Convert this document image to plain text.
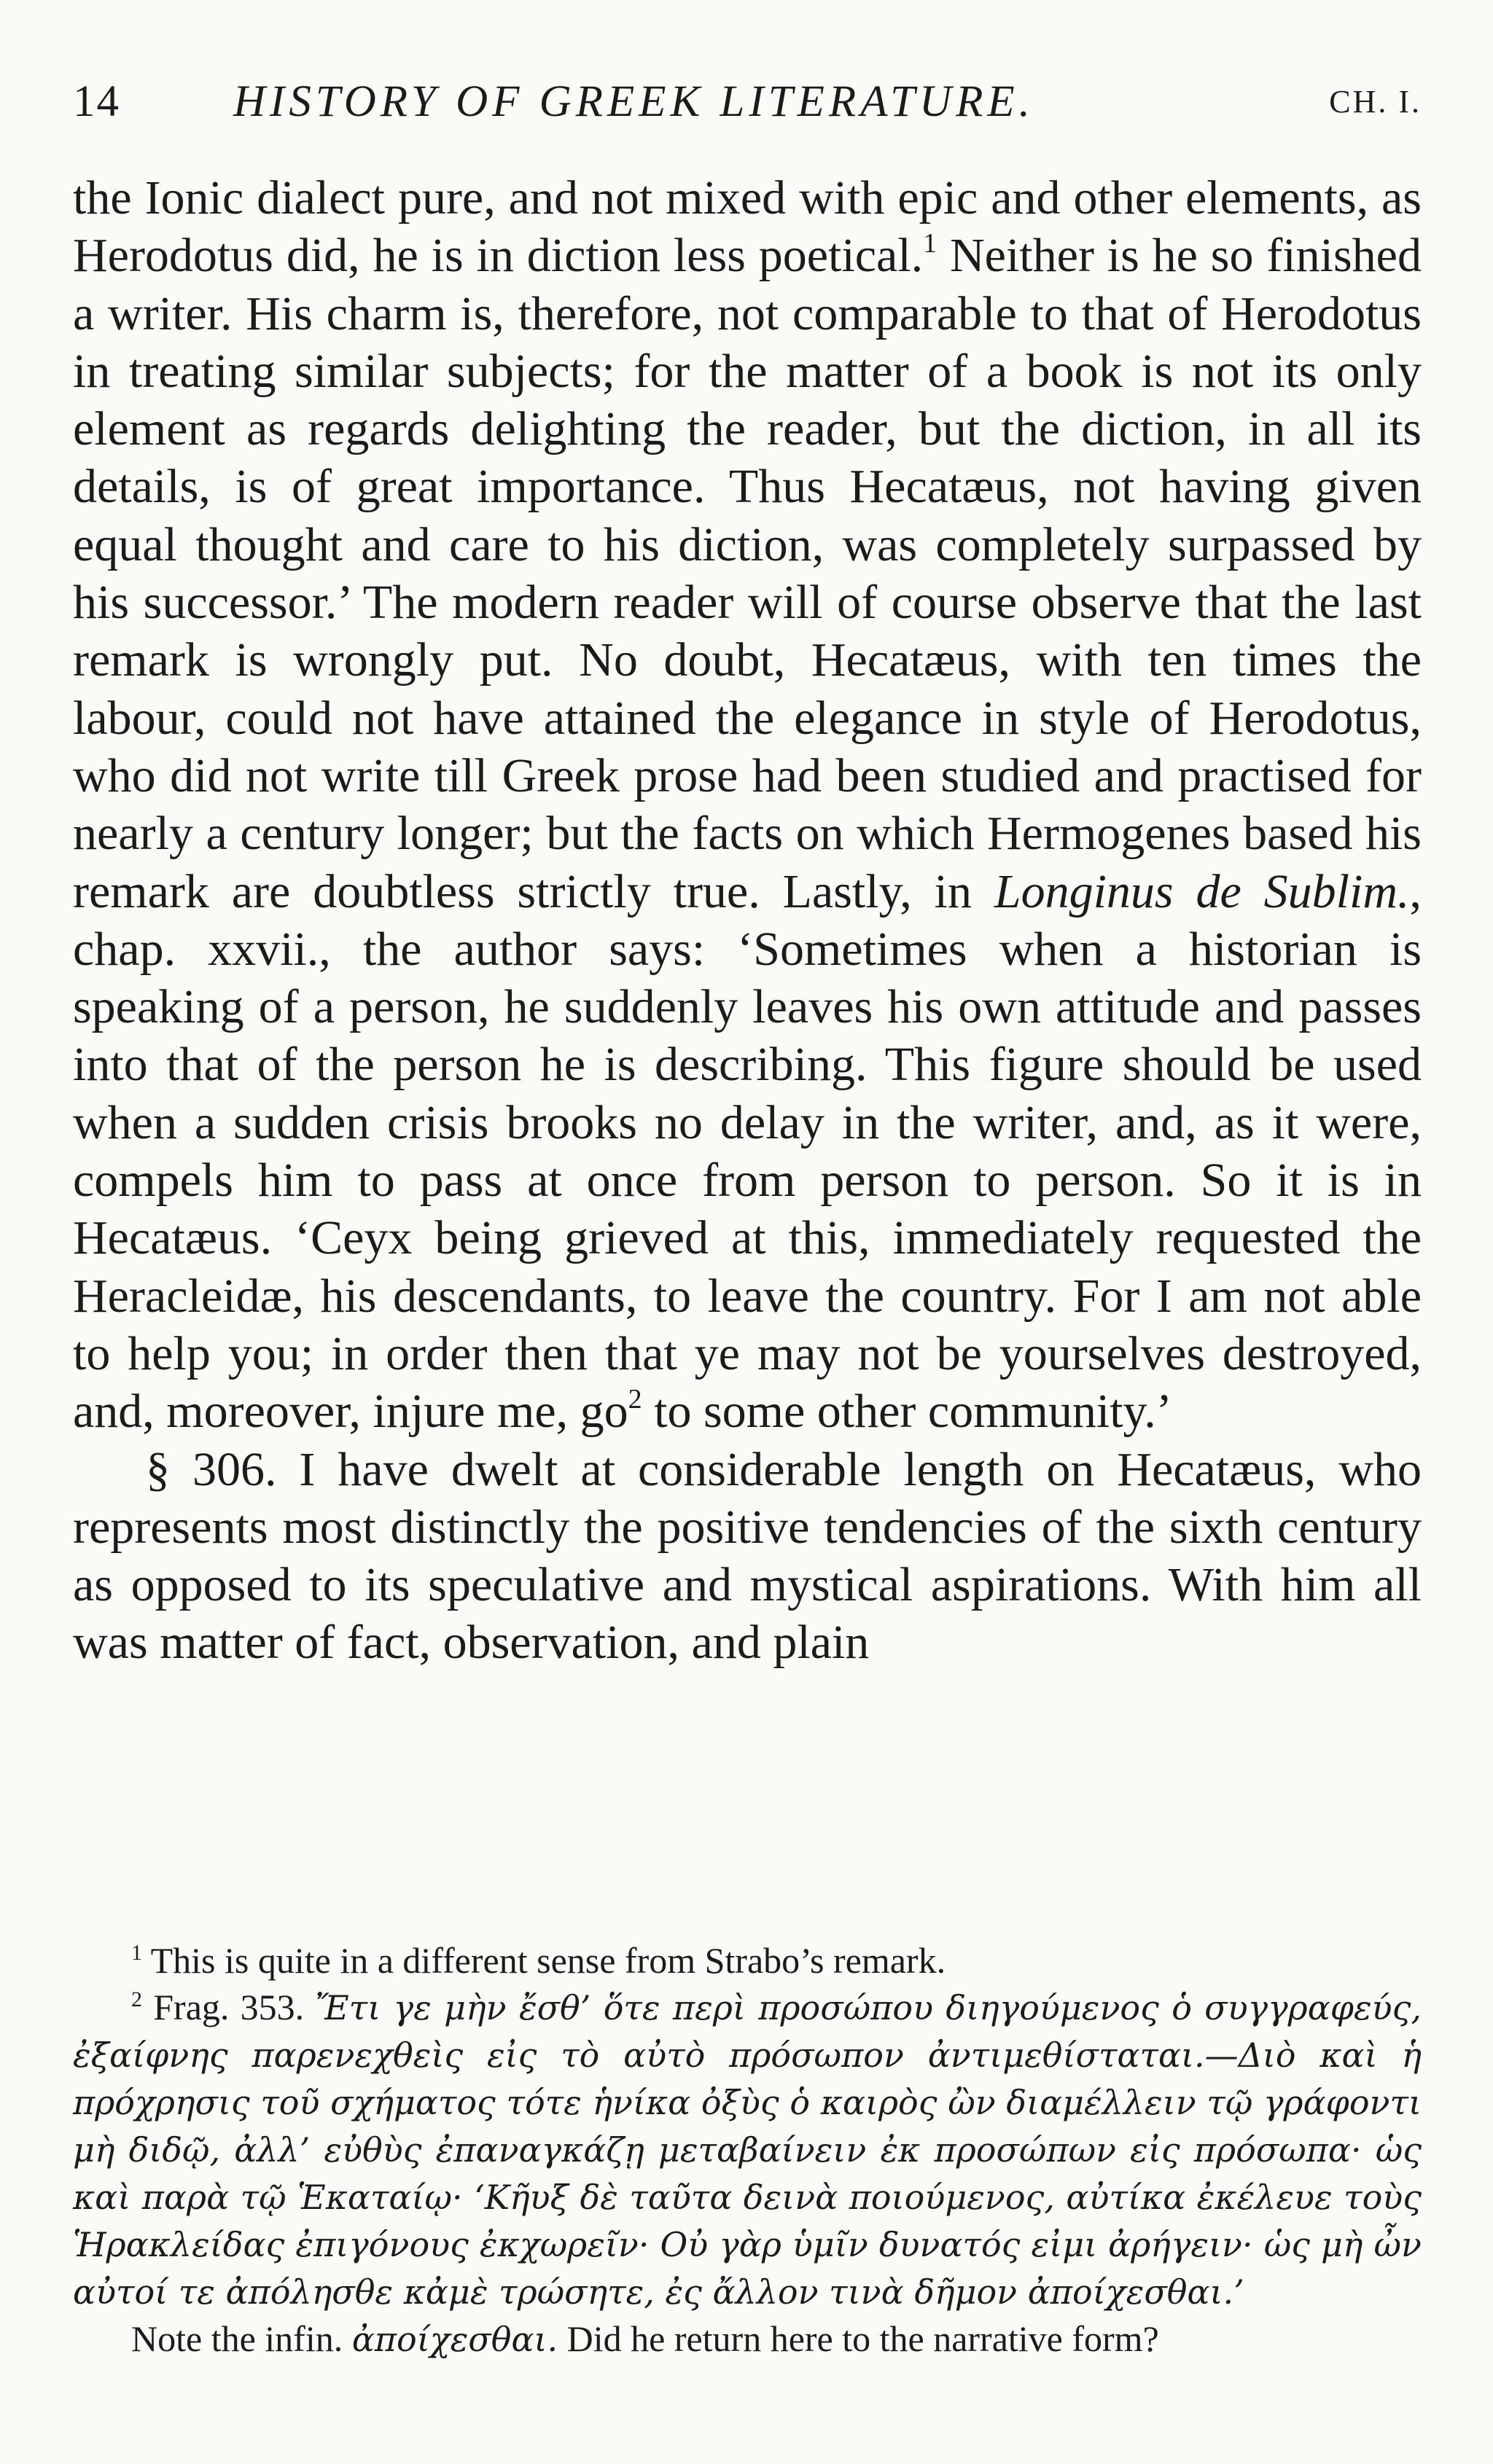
14	HISTORY OF GREEK LITERATURE.	CH. I.

the Ionic dialect pure, and not mixed with epic and other elements, as Herodotus did, he is in diction less poetical.$^1$ Neither is he so finished a writer. His charm is, therefore, not comparable to that of Herodotus in treating similar subjects; for the matter of a book is not its only element as regards delighting the reader, but the diction, in all its details, is of great importance. Thus Hecatæus, not having given equal thought and care to his diction, was completely surpassed by his successor.’ The modern reader will of course observe that the last remark is wrongly put. No doubt, Hecatæus, with ten times the labour, could not have attained the elegance in style of Herodotus, who did not write till Greek prose had been studied and practised for nearly a century longer; but the facts on which Hermogenes based his remark are doubtless strictly true. Lastly, in Longinus de Sublim., chap. xxvii., the author says: ‘Sometimes when a historian is speaking of a person, he suddenly leaves his own attitude and passes into that of the person he is describing. This figure should be used when a sudden crisis brooks no delay in the writer, and, as it were, compels him to pass at once from person to person. So it is in Hecatæus. ‘Ceyx being grieved at this, immediately requested the Heracleidæ, his descendants, to leave the country. For I am not able to help you; in order then that ye may not be yourselves destroyed, and, moreover, injure me, $go^2$ to some other community.’

§ 306. I have dwelt at considerable length on Hecatæus, who represents most distinctly the positive tendencies of the sixth century as opposed to its speculative and mystical aspirations. With him all was matter of fact, observation, and plain

$^1$ This is quite in a different sense from Strabo’s remark.

$^2$ Frag. 353. Ἔτι γε μὴν ἔσθ’ ὅτε περὶ προσώπου διηγούμενος ὁ συγγραφεύς, ἐξαίφνης παρενεχθεὶς εἰς τὸ αὐτὸ πρόσωπον ἀντιμεθίσταται.—Διὸ καὶ ἡ πρόχρησις τοῦ σχήματος τότε ἡνίκα ὀξὺς ὁ καιρὸς ὢν διαμέλλειν τῷ γράφοντι μὴ διδῷ, ἀλλ’ εὐθὺς ἐπαναγκάζῃ μεταβαίνειν ἐκ προσώπων εἰς πρόσωπα· ὡς καὶ παρὰ τῷ Ἑκαταίῳ· ‘Κῆυξ δὲ ταῦτα δεινὰ ποιούμενος, αὐτίκα ἐκέλευε τοὺς Ἡρακλείδας ἐπιγόνους ἐκχωρεῖν· Οὐ γὰρ ὑμῖν δυνατός εἰμι ἀρήγειν· ὡς μὴ ὦν αὐτοί τε ἀπόλησθε κἀμὲ τρώσητε, ἐς ἄλλον τινὰ δῆμον ἀποίχεσθαι.’

Note the infin. ἀποίχεσθαι. Did he return here to the narrative form?
